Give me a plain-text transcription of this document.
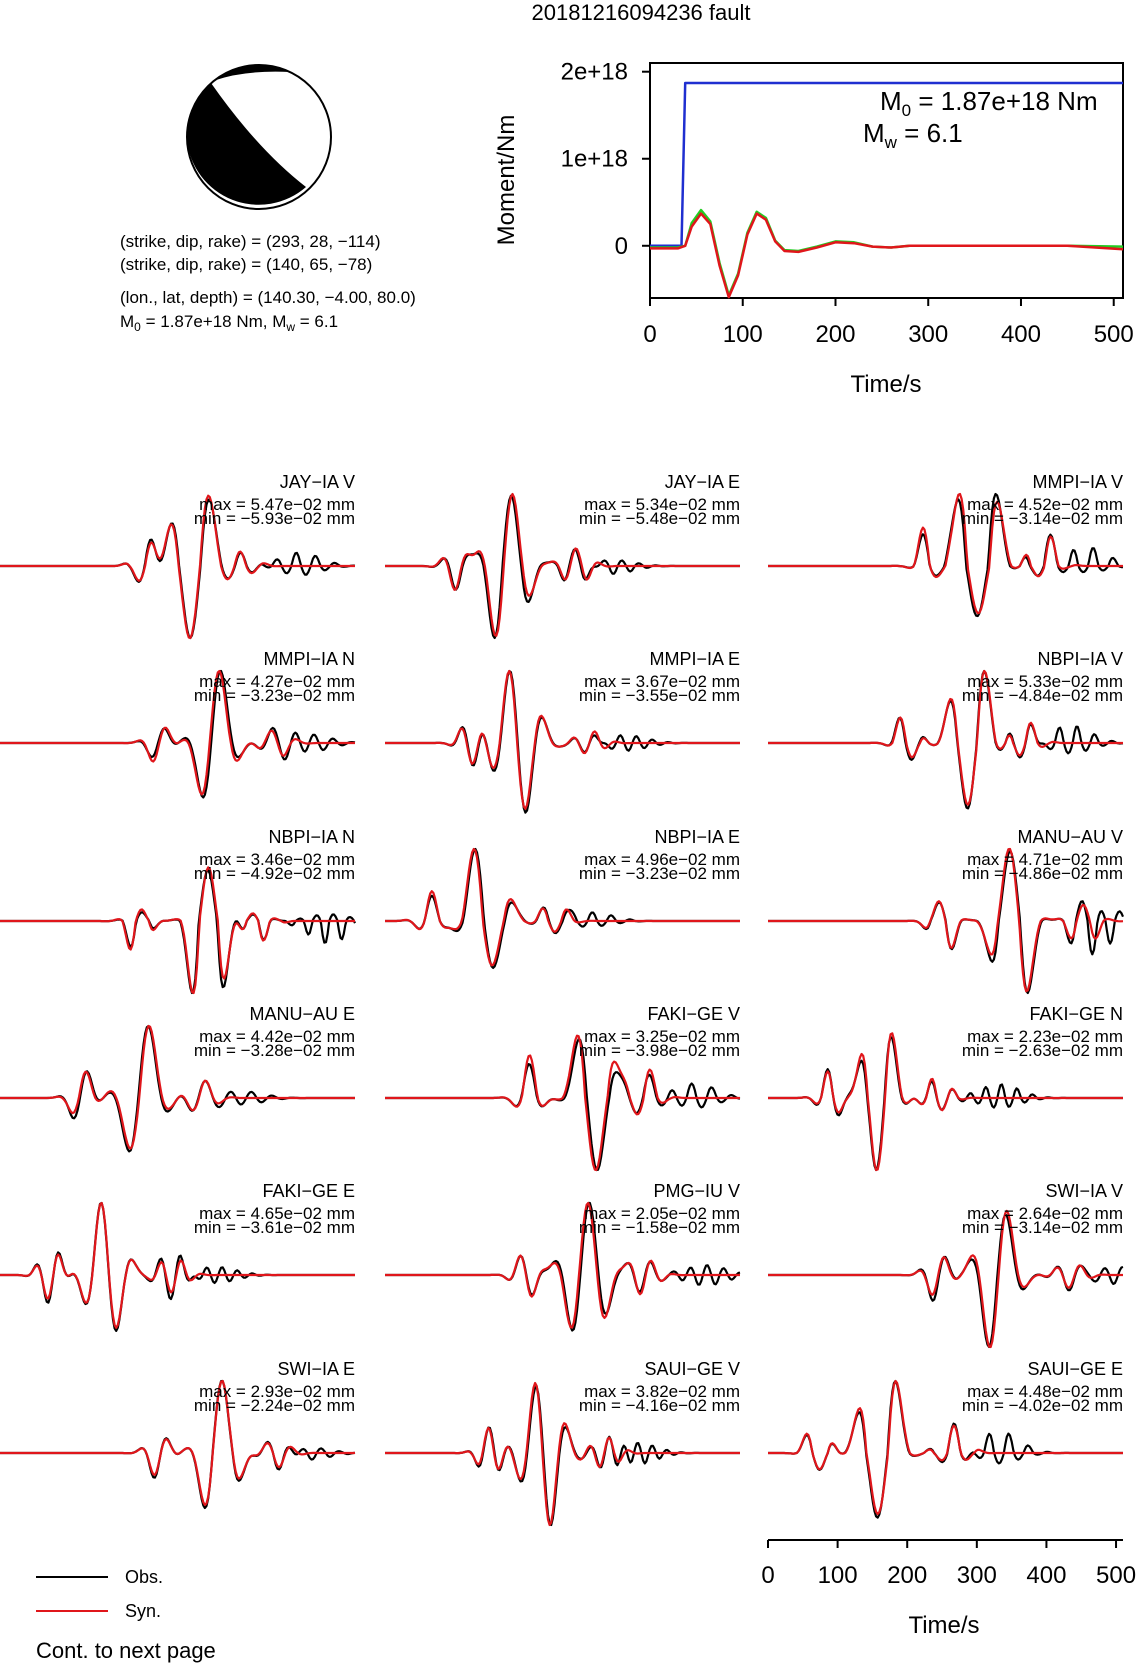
20181216094236 fault
(strike, dip, rake) = (293, 28, −114)
(strike, dip, rake) = (140, 65, −78)
(lon., lat, depth) = (140.30, −4.00, 80.0)
$M_0 = 1.87e+18$ Nm, $M_w = 6.1$
$M_0 = 1.87e+18$ Nm
$M_w = 6.1$
Moment/Nm
Time/s
0	100 200 300 400 500
0
1e+18
2e+18
JAY−IA V
max = 5.47e−02 mm
min = −5.93e−02 mm
JAY−IA E
max = 5.34e−02 mm
min = −5.48e−02 mm
MMPI−IA V
max = 4.52e−02 mm
min = −3.14e−02 mm
MMPI−IA N
max = 4.27e−02 mm
min = −3.23e−02 mm
MMPI−IA E
max = 3.67e−02 mm
min = −3.55e−02 mm
NBPI−IA V
max = 5.33e−02 mm
min = −4.84e−02 mm
NBPI−IA N
max = 3.46e−02 mm
min = −4.92e−02 mm
NBPI−IA E
max = 4.96e−02 mm
min = −3.23e−02 mm
MANU−AU V
max = 4.71e−02 mm
min = −4.86e−02 mm
MANU−AU E
max = 4.42e−02 mm
min = −3.28e−02 mm
FAKI−GE V
max = 3.25e−02 mm
min = −3.98e−02 mm
FAKI−GE N
max = 2.23e−02 mm
min = −2.63e−02 mm
FAKI−GE E
max = 4.65e−02 mm
min = −3.61e−02 mm
PMG−IU V
max = 2.05e−02 mm
min = −1.58e−02 mm
SWI−IA V
max = 2.64e−02 mm
min = −3.14e−02 mm
SWI−IA E
max = 2.93e−02 mm
min = −2.24e−02 mm
SAUI−GE V
max = 3.82e−02 mm
min = −4.16e−02 mm
SAUI−GE E
max = 4.48e−02 mm
min = −4.02e−02 mm
Time/s
0 100 200 300 400 500
Obs.
Syn.
Cont. to next page
